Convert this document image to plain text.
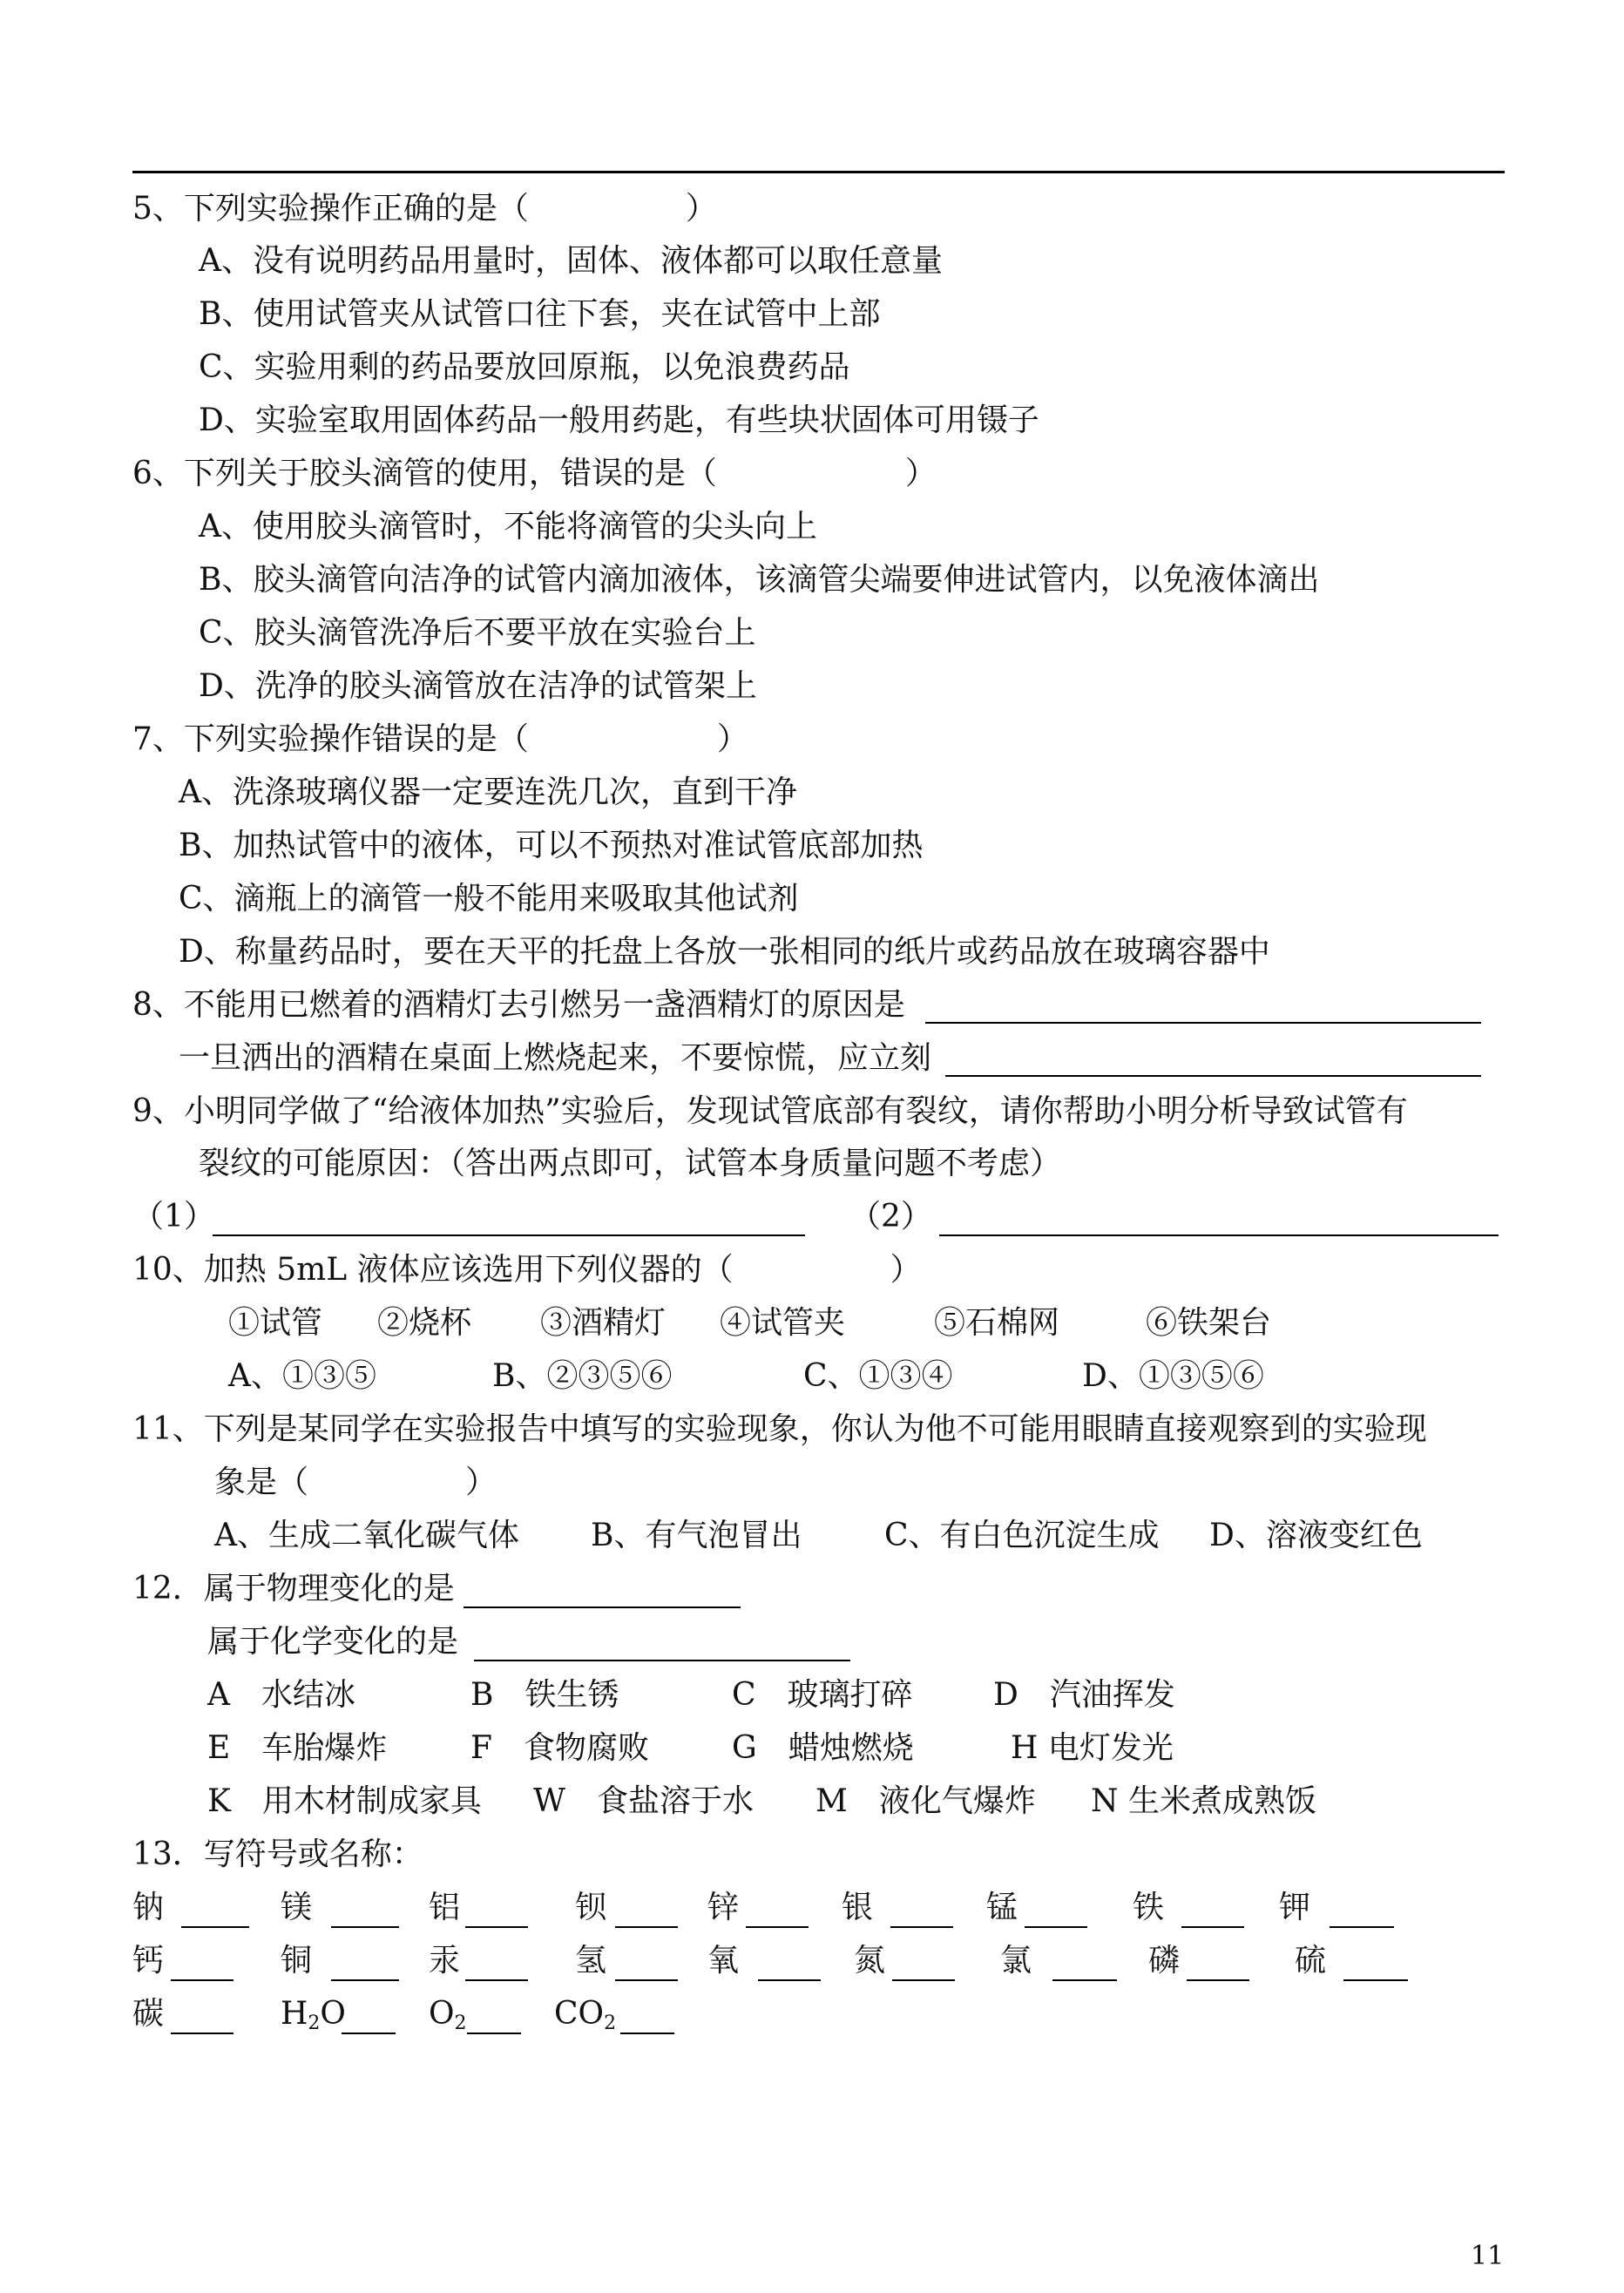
5、下列实验操作正确的是（　　　　　）
A、没有说明药品用量时，固体、液体都可以取任意量
B、使用试管夹从试管口往下套，夹在试管中上部
C、实验用剩的药品要放回原瓶，以免浪费药品
D、实验室取用固体药品一般用药匙，有些块状固体可用镊子
6、下列关于胶头滴管的使用，错误的是（　　　　　　）
A、使用胶头滴管时，不能将滴管的尖头向上
B、胶头滴管向洁净的试管内滴加液体，该滴管尖端要伸进试管内，以免液体滴出
C、胶头滴管洗净后不要平放在实验台上
D、洗净的胶头滴管放在洁净的试管架上
7、下列实验操作错误的是（　　　　　　）
A、洗涤玻璃仪器一定要连洗几次，直到干净
B、加热试管中的液体，可以不预热对准试管底部加热
C、滴瓶上的滴管一般不能用来吸取其他试剂
D、称量药品时，要在天平的托盘上各放一张相同的纸片或药品放在玻璃容器中
8、不能用已燃着的酒精灯去引燃另一盏酒精灯的原因是
一旦洒出的酒精在桌面上燃烧起来，不要惊慌，应立刻
9、小明同学做了“给液体加热”实验后，发现试管底部有裂纹，请你帮助小明分析导致试管有
裂纹的可能原因：（答出两点即可，试管本身质量问题不考虑）
（1）	（2）
10、加热 5mL 液体应该选用下列仪器的（　　　　　）
①试管 ②烧杯 ③酒精灯 ④试管夹	⑤石棉网	⑥铁架台
A、①③⑤	B、②③⑤⑥	C、①③④	D、①③⑤⑥
11、下列是某同学在实验报告中填写的实验现象，你认为他不可能用眼睛直接观察到的实验现
象是（　　　　　）
A、生成二氧化碳气体 B、有气泡冒出	C、有白色沉淀生成 D、溶液变红色
12．属于物理变化的是
属于化学变化的是
A　水结冰	B　铁生锈	C　玻璃打碎	D　汽油挥发
E　车胎爆炸	F　食物腐败	G　蜡烛燃烧	H 电灯发光
K　用木材制成家具 W　食盐溶于水 M　液化气爆炸 N 生米煮成熟饭
13．写符号或名称：
钠	镁	铝	钡	锌	银	锰	铁	钾
钙	铜	汞	氢	氧	氮	氯	磷	硫
碳	$H_2O$	$O_2$	$CO_2$
11
